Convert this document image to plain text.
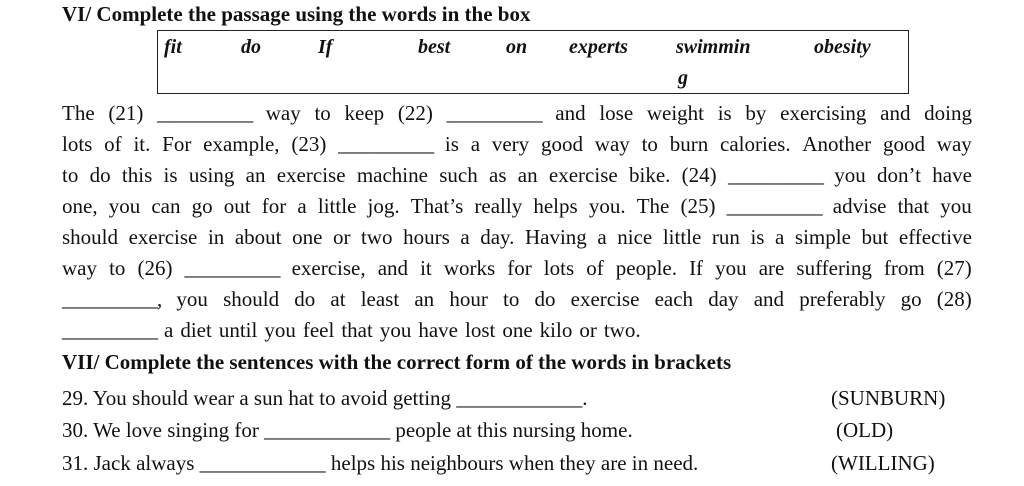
VI/ Complete the passage using the words in the box
fit	do	If	best	on experts swimmin	obesity
g
The (21) __________ way to keep (22) __________ and lose weight is by exercising and doing
lots of it. For example, (23) __________ is a very good way to burn calories. Another good way
to do this is using an exercise machine such as an exercise bike. (24) __________ you don’t have
one, you can go out for a little jog. That’s really helps you. The (25) __________ advise that you
should exercise in about one or two hours a day. Having a nice little run is a simple but effective
way to (26) __________ exercise, and it works for lots of people. If you are suffering from (27)
__________, you should do at least an hour to do exercise each day and preferably go (28)
__________ a diet until you feel that you have lost one kilo or two.
VII/ Complete the sentences with the correct form of the words in brackets
29. You should wear a sun hat to avoid getting ____________.	(SUNBURN)
30. We love singing for ____________ people at this nursing home.	(OLD)
31. Jack always ____________ helps his neighbours when they are in need.	(WILLING)
